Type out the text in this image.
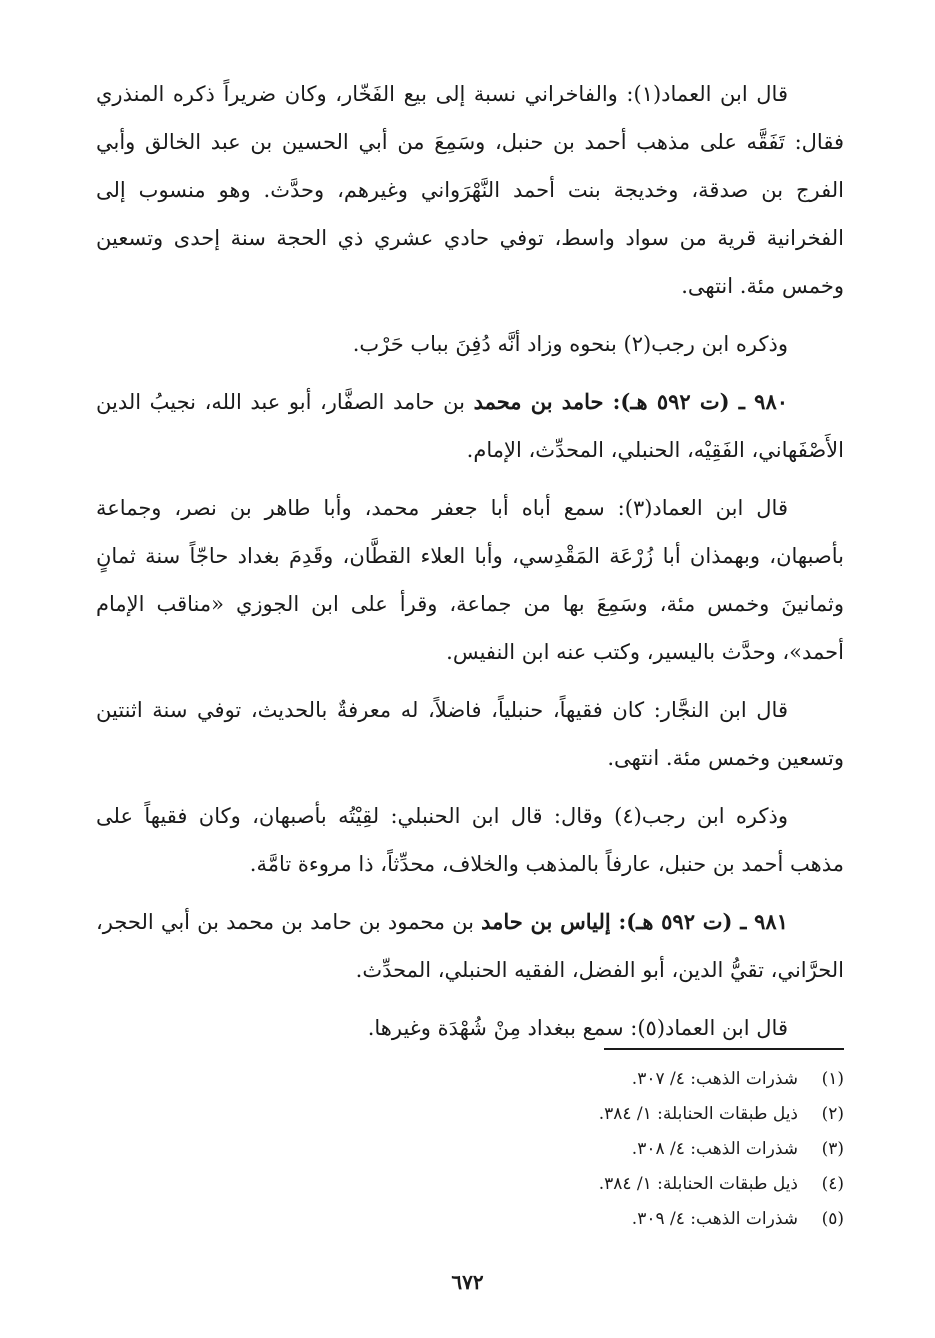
قال ابن العماد(١): والفاخراني نسبة إلى بيع الفَخّار، وكان ضريراً ذكره المنذري فقال: تَفَقَّه على مذهب أحمد بن حنبل، وسَمِعَ من أبي الحسين بن عبد الخالق وأبي الفرج بن صدقة، وخديجة بنت أحمد النَّهْرَواني وغيرهم، وحدَّث. وهو منسوب إلى الفخرانية قرية من سواد واسط، توفي حادي عشري ذي الحجة سنة إحدى وتسعين وخمس مئة. انتهى.

وذكره ابن رجب(٢) بنحوه وزاد أنَّه دُفِنَ بباب حَرْب.

٩٨٠ ـ (ت ٥٩٢ هـ): حامد بن محمد بن حامد الصفَّار، أبو عبد الله، نجيبُ الدين الأَصْفَهاني، الفَقِيْه، الحنبلي، المحدِّث، الإمام.

قال ابن العماد(٣): سمع أباه أبا جعفر محمد، وأبا طاهر بن نصر، وجماعة بأصبهان، وبهمذان أبا زُرْعَة المَقْدِسي، وأبا العلاء القطَّان، وقَدِمَ بغداد حاجّاً سنة ثمانٍ وثمانينَ وخمس مئة، وسَمِعَ بها من جماعة، وقرأ على ابن الجوزي «مناقب الإمام أحمد»، وحدَّث باليسير، وكتب عنه ابن النفيس.

قال ابن النجَّار: كان فقيهاً، حنبلياً، فاضلاً، له معرفةٌ بالحديث، توفي سنة اثنتين وتسعين وخمس مئة. انتهى.

وذكره ابن رجب(٤) وقال: قال ابن الحنبلي: لقِيْتُه بأصبهان، وكان فقيهاً على مذهب أحمد بن حنبل، عارفاً بالمذهب والخلاف، محدِّثاً، ذا مروءة تامَّة.

٩٨١ ـ (ت ٥٩٢ هـ): إلياس بن حامد بن محمود بن حامد بن محمد بن أبي الحجر، الحرَّاني، تقيُّ الدين، أبو الفضل، الفقيه الحنبلي، المحدِّث.

قال ابن العماد(٥): سمع ببغداد مِنْ شُهْدَة وغيرها.

(١)شذرات الذهب: ٤/ ٣٠٧.
(٢)ذيل طبقات الحنابلة: ١/ ٣٨٤.
(٣)شذرات الذهب: ٤/ ٣٠٨.
(٤)ذيل طبقات الحنابلة: ١/ ٣٨٤.
(٥)شذرات الذهب: ٤/ ٣٠٩.
٦٧٢
